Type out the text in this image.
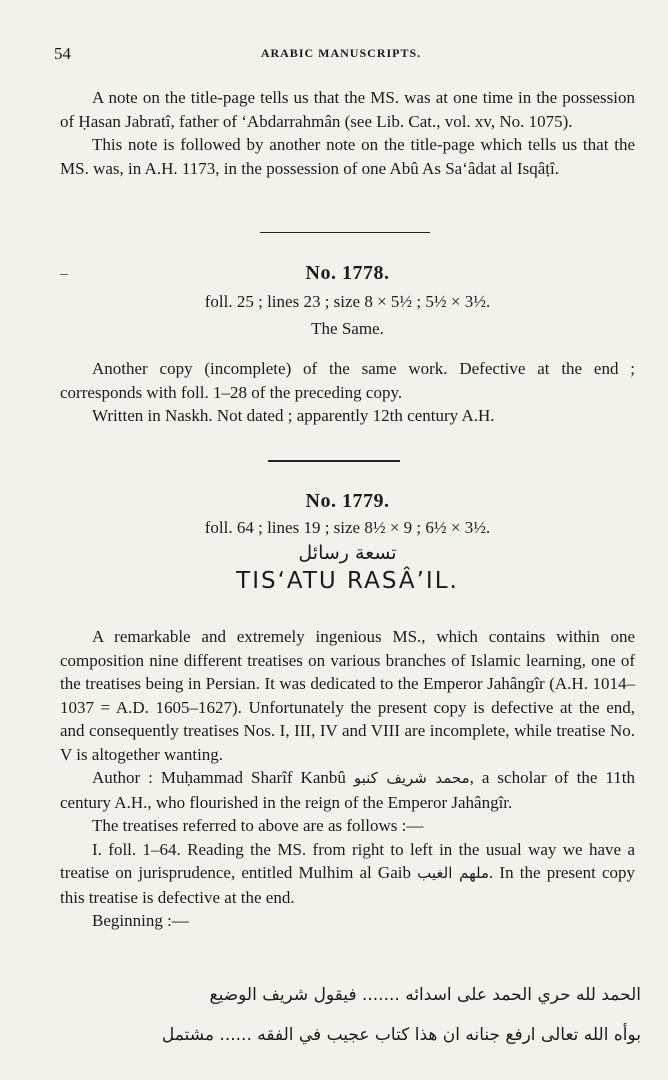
54	ARABIC MANUSCRIPTS.

A note on the title-page tells us that the MS. was at one time in the possession of Ḥasan Jabratî, father of ‘Abdarrahmân (see Lib. Cat., vol. xv, No. 1075).

This note is followed by another note on the title-page which tells us that the MS. was, in A.H. 1173, in the possession of one Abû As Sa‘âdat al Isqâṭî.

No. 1778.
foll. 25 ; lines 23 ; size 8 × 5½ ; 5½ × 3½.
The Same.

Another copy (incomplete) of the same work. Defective at the end ; corresponds with foll. 1–28 of the preceding copy.

Written in Naskh. Not dated ; apparently 12th century A.H.

No. 1779.
foll. 64 ; lines 19 ; size 8½ × 9 ; 6½ × 3½.
تسعة رسائل
TIS‘ATU RASÂ’IL.

A remarkable and extremely ingenious MS., which contains within one composition nine different treatises on various branches of Islamic learning, one of the treatises being in Persian. It was dedicated to the Emperor Jahângîr (A.H. 1014–1037 = A.D. 1605–1627). Unfortunately the present copy is defective at the end, and consequently treatises Nos. I, III, IV and VIII are incomplete, while treatise No. V is altogether wanting.

Author : Muḥammad Sharîf Kanbû محمد شريف كنبو, a scholar of the 11th century A.H., who flourished in the reign of the Emperor Jahângîr.

The treatises referred to above are as follows :—

I. foll. 1–64. Reading the MS. from right to left in the usual way we have a treatise on jurisprudence, entitled Mulhim al Gaib ملهم الغيب. In the present copy this treatise is defective at the end.

Beginning :—

الحمد لله حري الحمد على اسدائه ....... فيقول شريف الوضيع
بوأه الله تعالى ارفع جنانه ان هذا كتاب عجيب في الفقه ...... مشتمل
